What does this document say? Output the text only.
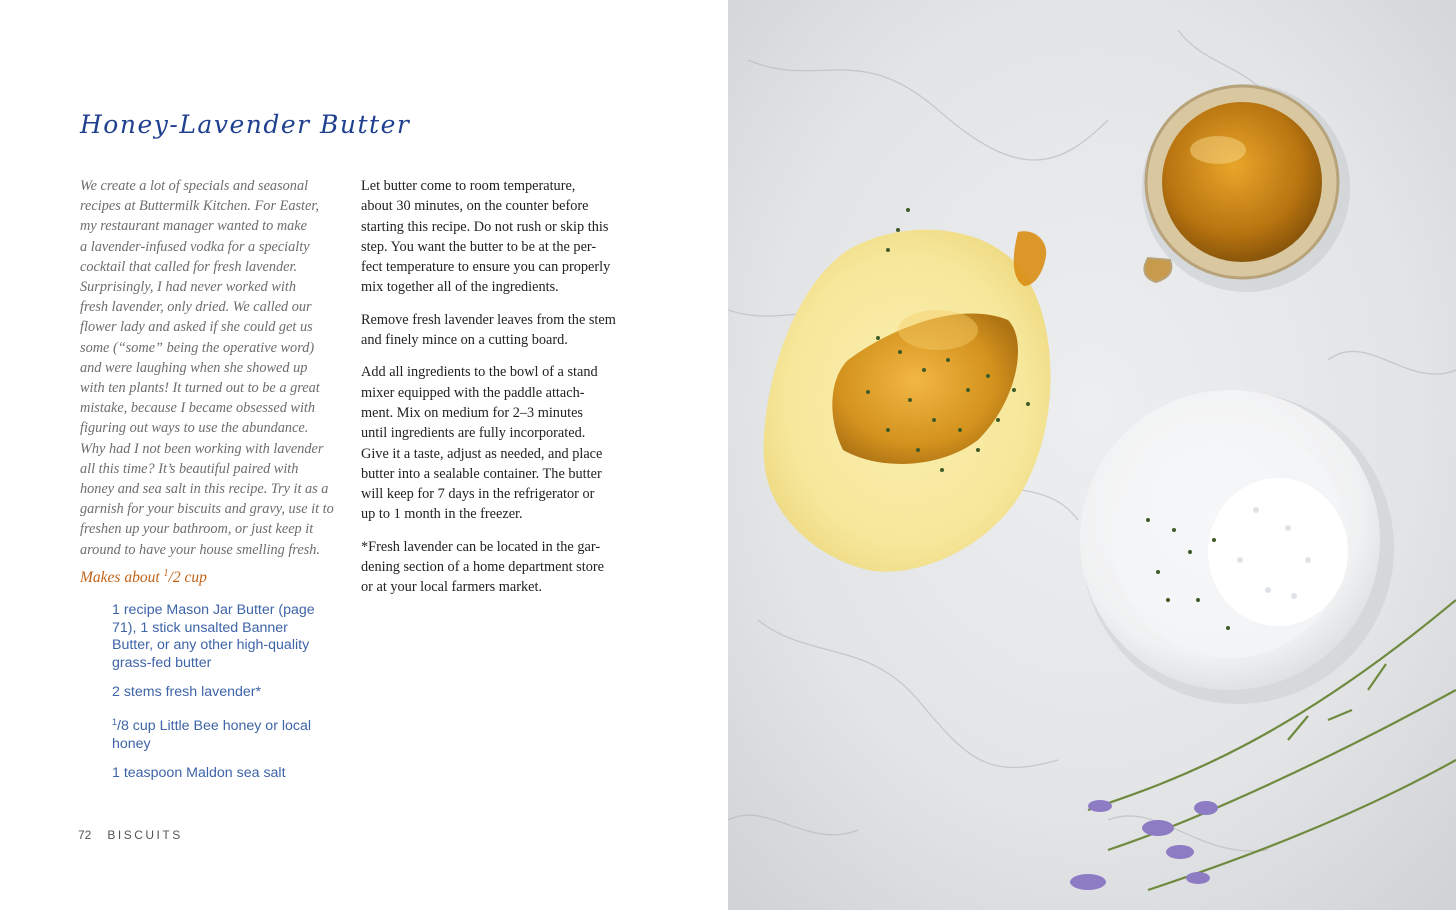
Honey-Lavender Butter
We create a lot of specials and seasonal
recipes at Buttermilk Kitchen. For Easter,
my restaurant manager wanted to make
a lavender-infused vodka for a specialty
cocktail that called for fresh lavender.
Surprisingly, I had never worked with
fresh lavender, only dried. We called our
flower lady and asked if she could get us
some (“some” being the operative word)
and were laughing when she showed up
with ten plants! It turned out to be a great
mistake, because I became obsessed with
figuring out ways to use the abundance.
Why had I not been working with lavender
all this time? It’s beautiful paired with
honey and sea salt in this recipe. Try it as a
garnish for your biscuits and gravy, use it to
freshen up your bathroom, or just keep it
around to have your house smelling fresh.
Makes about $^1$/2 cup
1 recipe Mason Jar Butter (page
71), 1 stick unsalted Banner
Butter, or any other high-quality
grass-fed butter
2 stems fresh lavender*
$^1$/8 cup Little Bee honey or local
honey
1 teaspoon Maldon sea salt

Let butter come to room temperature,
about 30 minutes, on the counter before
starting this recipe. Do not rush or skip this
step. You want the butter to be at the per-
fect temperature to ensure you can properly
mix together all of the ingredients.

Remove fresh lavender leaves from the stem
and finely mince on a cutting board.

Add all ingredients to the bowl of a stand
mixer equipped with the paddle attach-
ment. Mix on medium for 2–3 minutes
until ingredients are fully incorporated.
Give it a taste, adjust as needed, and place
butter into a sealable container. The butter
will keep for 7 days in the refrigerator or
up to 1 month in the freezer.

*Fresh lavender can be located in the gar-
dening section of a home department store
or at your local farmers market.

72 BISCUITS
